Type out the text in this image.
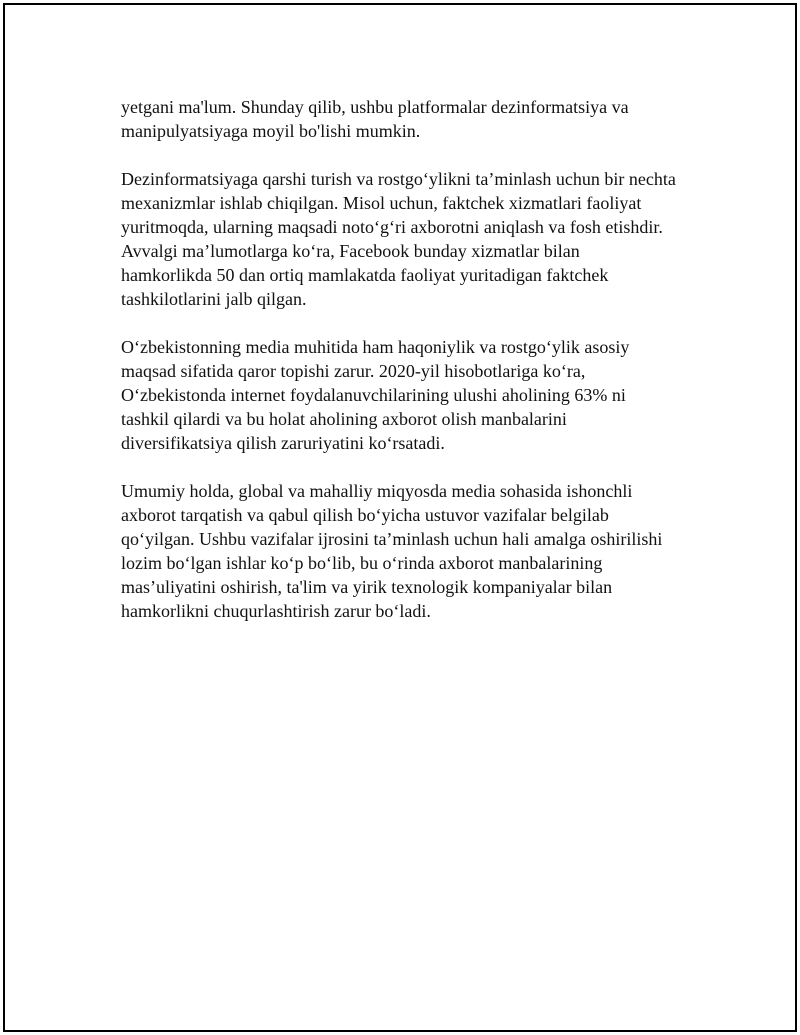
yetgani ma'lum. Shunday qilib, ushbu platformalar dezinformatsiya va
manipulyatsiyaga moyil bo'lishi mumkin.

Dezinformatsiyaga qarshi turish va rostgo‘ylikni ta’minlash uchun bir nechta
mexanizmlar ishlab chiqilgan. Misol uchun, faktchek xizmatlari faoliyat
yuritmoqda, ularning maqsadi noto‘g‘ri axborotni aniqlash va fosh etishdir.
Avvalgi ma’lumotlarga ko‘ra, Facebook bunday xizmatlar bilan
hamkorlikda 50 dan ortiq mamlakatda faoliyat yuritadigan faktchek
tashkilotlarini jalb qilgan.

O‘zbekistonning media muhitida ham haqoniylik va rostgo‘ylik asosiy
maqsad sifatida qaror topishi zarur. 2020-yil hisobotlariga ko‘ra,
O‘zbekistonda internet foydalanuvchilarining ulushi aholining 63% ni
tashkil qilardi va bu holat aholining axborot olish manbalarini
diversifikatsiya qilish zaruriyatini ko‘rsatadi.

Umumiy holda, global va mahalliy miqyosda media sohasida ishonchli
axborot tarqatish va qabul qilish bo‘yicha ustuvor vazifalar belgilab
qo‘yilgan. Ushbu vazifalar ijrosini ta’minlash uchun hali amalga oshirilishi
lozim bo‘lgan ishlar ko‘p bo‘lib, bu o‘rinda axborot manbalarining
mas’uliyatini oshirish, ta'lim va yirik texnologik kompaniyalar bilan
hamkorlikni chuqurlashtirish zarur bo‘ladi.
